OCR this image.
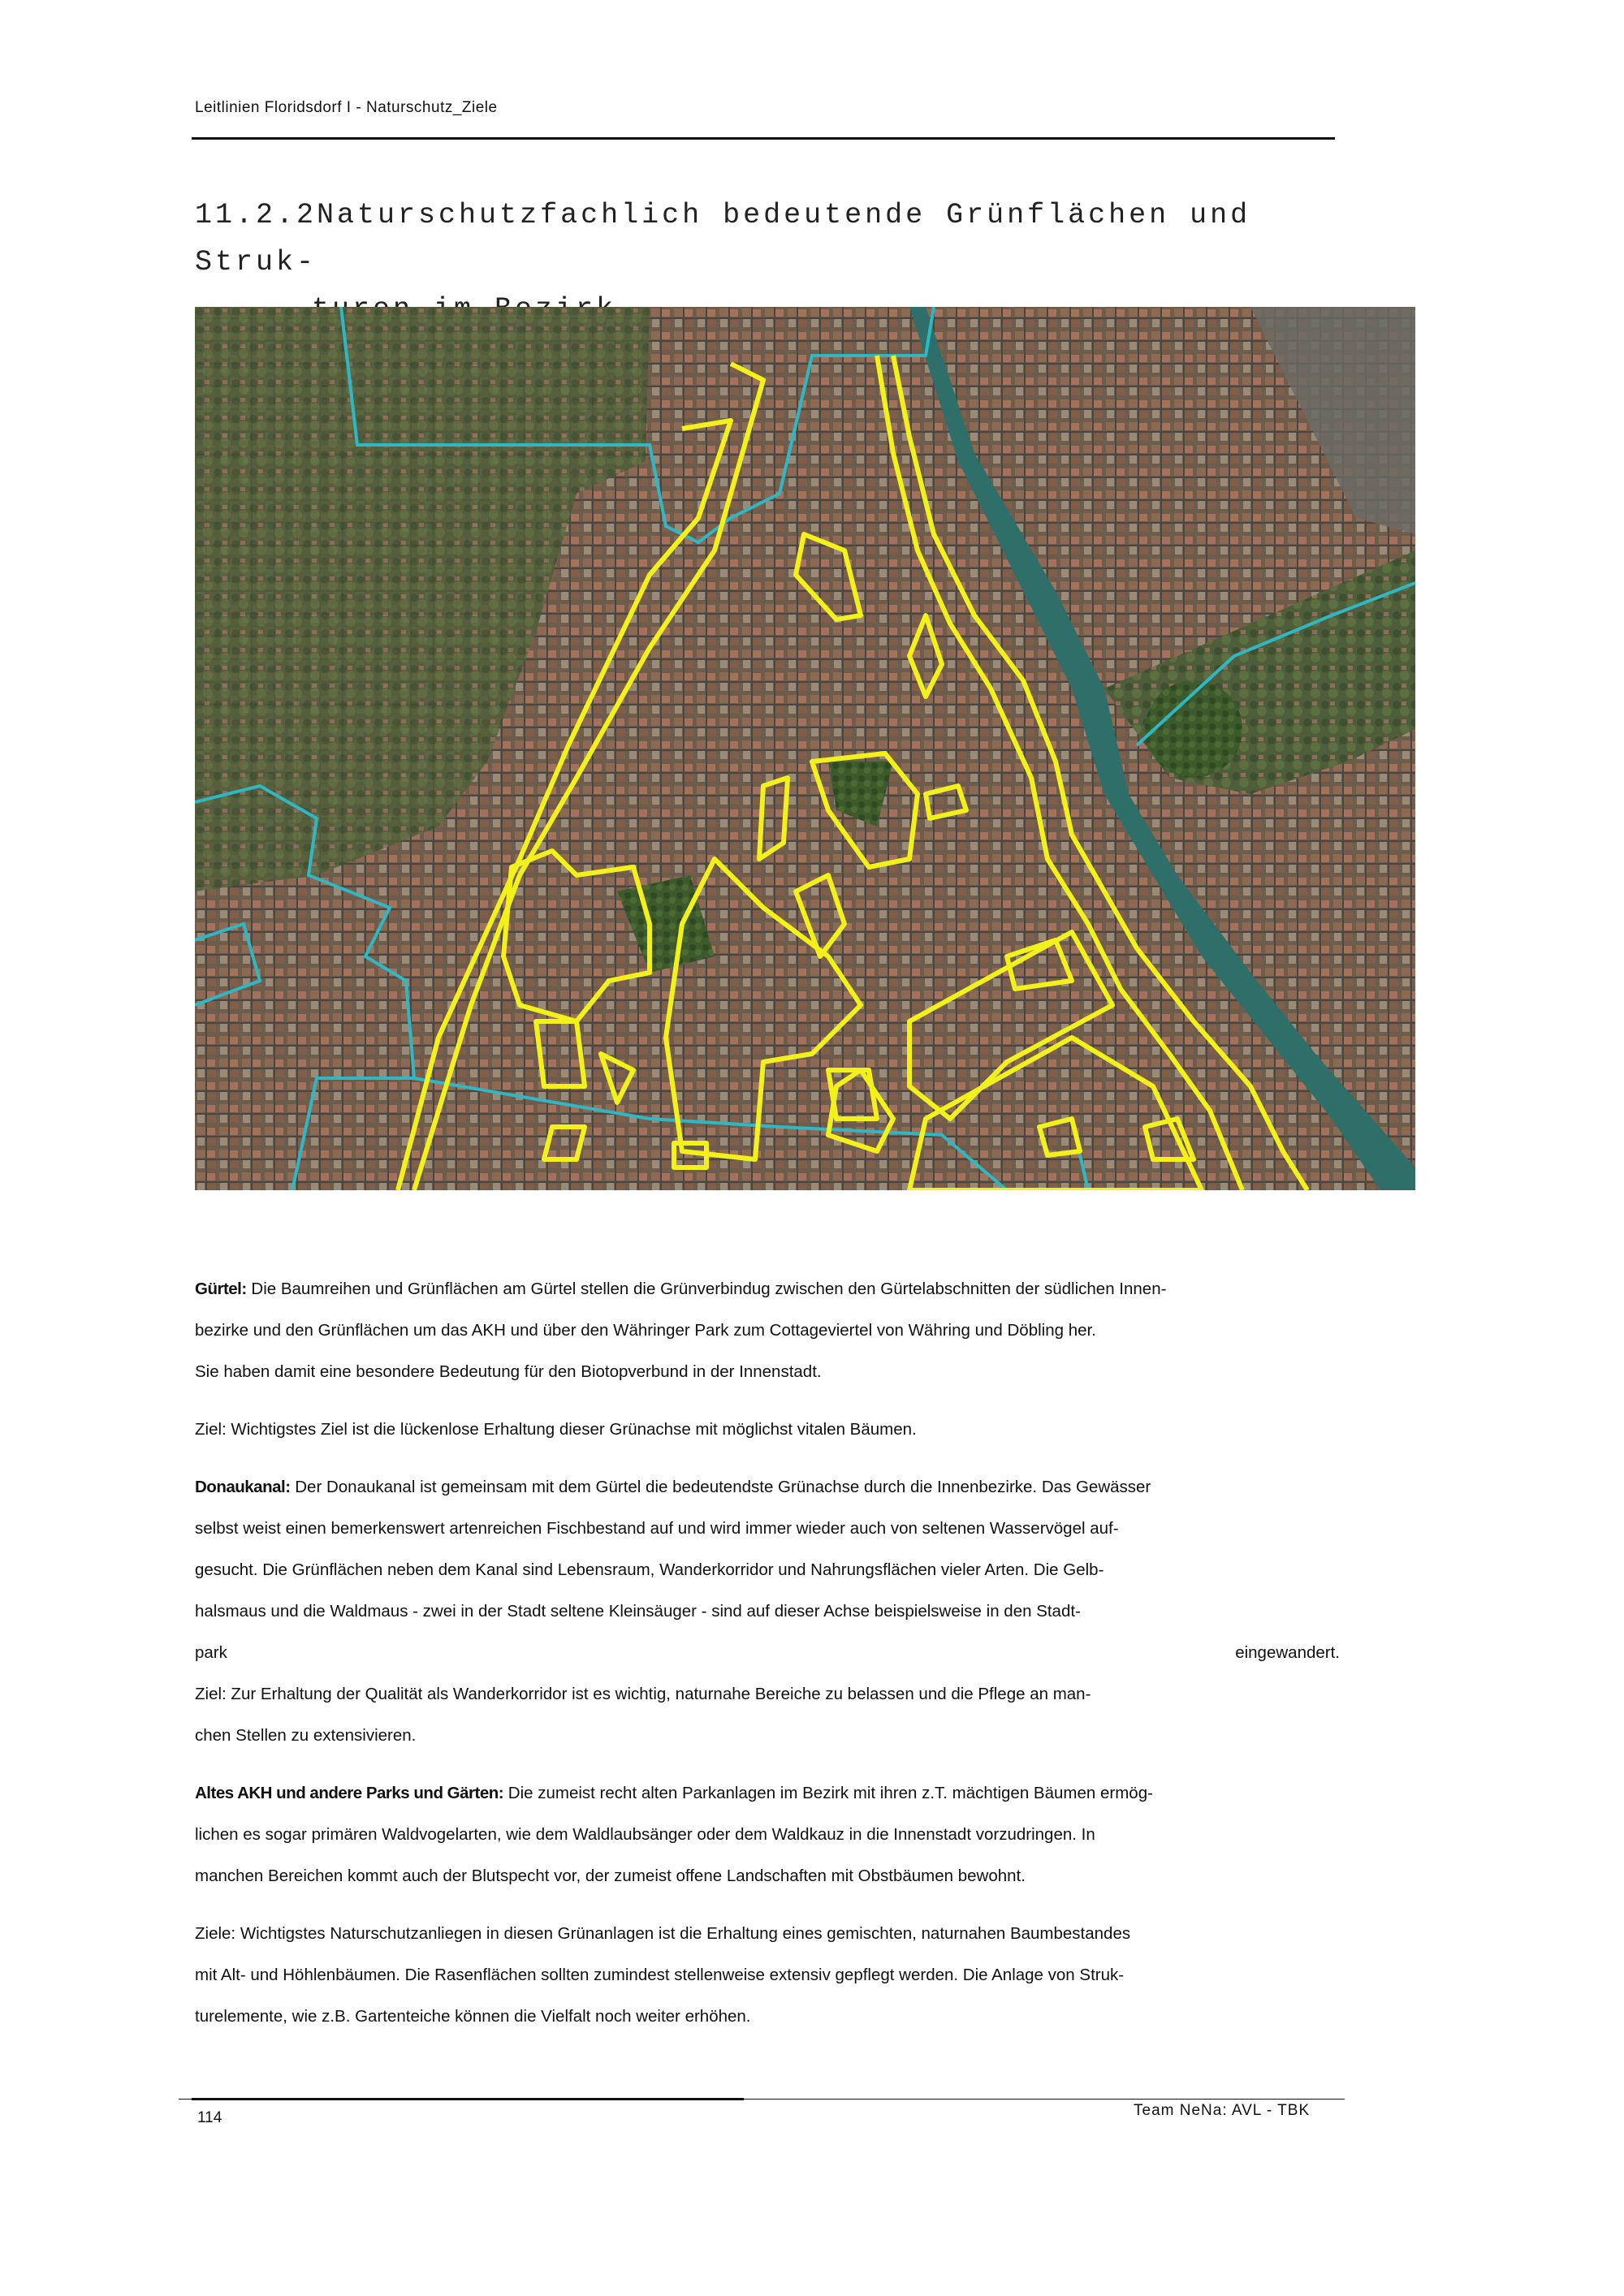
Leitlinien Floridsdorf I - Naturschutz_Ziele
11.2.2Naturschutzfachlich bedeutende Grünflächen und Struk-
Gürtel: Die Baumreihen und Grünflächen am Gürtel stellen die Grünverbindug zwischen den Gürtelabschnitten der südlichen Innen-
bezirke und den Grünflächen um das AKH und über den Währinger Park zum Cottageviertel von Währing und Döbling her.
Sie haben damit eine besondere Bedeutung für den Biotopverbund in der Innenstadt.
Ziel: Wichtigstes Ziel ist die lückenlose Erhaltung dieser Grünachse mit möglichst vitalen Bäumen.
Donaukanal: Der Donaukanal ist gemeinsam mit dem Gürtel die bedeutendste Grünachse durch die Innenbezirke. Das Gewässer
selbst weist einen bemerkenswert artenreichen Fischbestand auf und wird immer wieder auch von seltenen Wasservögel auf-
gesucht. Die Grünflächen neben dem Kanal sind Lebensraum, Wanderkorridor und Nahrungsflächen vieler Arten. Die Gelb-
halsmaus und die Waldmaus - zwei in der Stadt seltene Kleinsäuger - sind auf dieser Achse beispielsweise in den Stadt-
park	eingewandert.
Ziel: Zur Erhaltung der Qualität als Wanderkorridor ist es wichtig, naturnahe Bereiche zu belassen und die Pflege an man-
chen Stellen zu extensivieren.
Altes AKH und andere Parks und Gärten: Die zumeist recht alten Parkanlagen im Bezirk mit ihren z.T. mächtigen Bäumen ermög-
lichen es sogar primären Waldvogelarten, wie dem Waldlaubsänger oder dem Waldkauz in die Innenstadt vorzudringen. In
manchen Bereichen kommt auch der Blutspecht vor, der zumeist offene Landschaften mit Obstbäumen bewohnt.
Ziele: Wichtigstes Naturschutzanliegen in diesen Grünanlagen ist die Erhaltung eines gemischten, naturnahen Baumbestandes
mit Alt- und Höhlenbäumen. Die Rasenflächen sollten zumindest stellenweise extensiv gepflegt werden. Die Anlage von Struk-
turelemente, wie z.B. Gartenteiche können die Vielfalt noch weiter erhöhen.
114	Team NeNa: AVL - TBK
